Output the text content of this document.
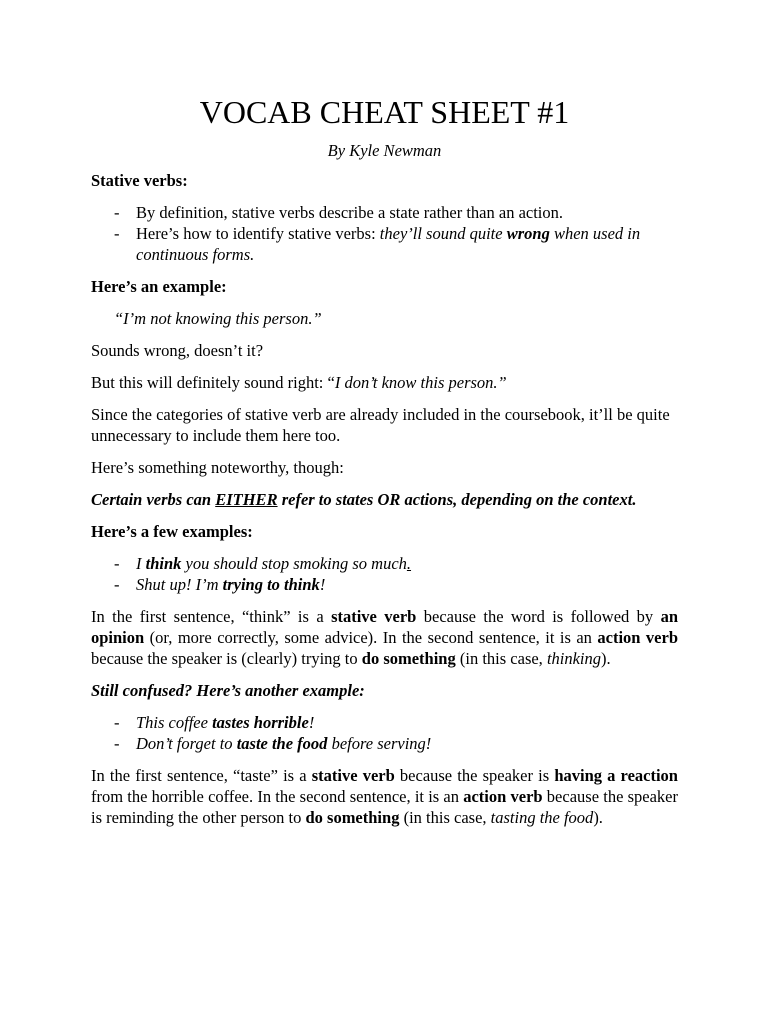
VOCAB CHEAT SHEET #1
By Kyle Newman

Stative verbs:

- By definition, stative verbs describe a state rather than an action.
- Here’s how to identify stative verbs: they’ll sound quite wrong when used in continuous forms.

Here’s an example:

“I’m not knowing this person.”

Sounds wrong, doesn’t it?

But this will definitely sound right: “I don’t know this person.”

Since the categories of stative verb are already included in the coursebook, it’ll be quite unnecessary to include them here too.

Here’s something noteworthy, though:

Certain verbs can EITHER refer to states OR actions, depending on the context.

Here’s a few examples:

- I think you should stop smoking so much.
- Shut up! I’m trying to think!

In the first sentence, “think” is a stative verb because the word is followed by an opinion (or, more correctly, some advice). In the second sentence, it is an action verb because the speaker is (clearly) trying to do something (in this case, thinking).

Still confused? Here’s another example:

- This coffee tastes horrible!
- Don’t forget to taste the food before serving!

In the first sentence, “taste” is a stative verb because the speaker is having a reaction from the horrible coffee. In the second sentence, it is an action verb because the speaker is reminding the other person to do something (in this case, tasting the food).
